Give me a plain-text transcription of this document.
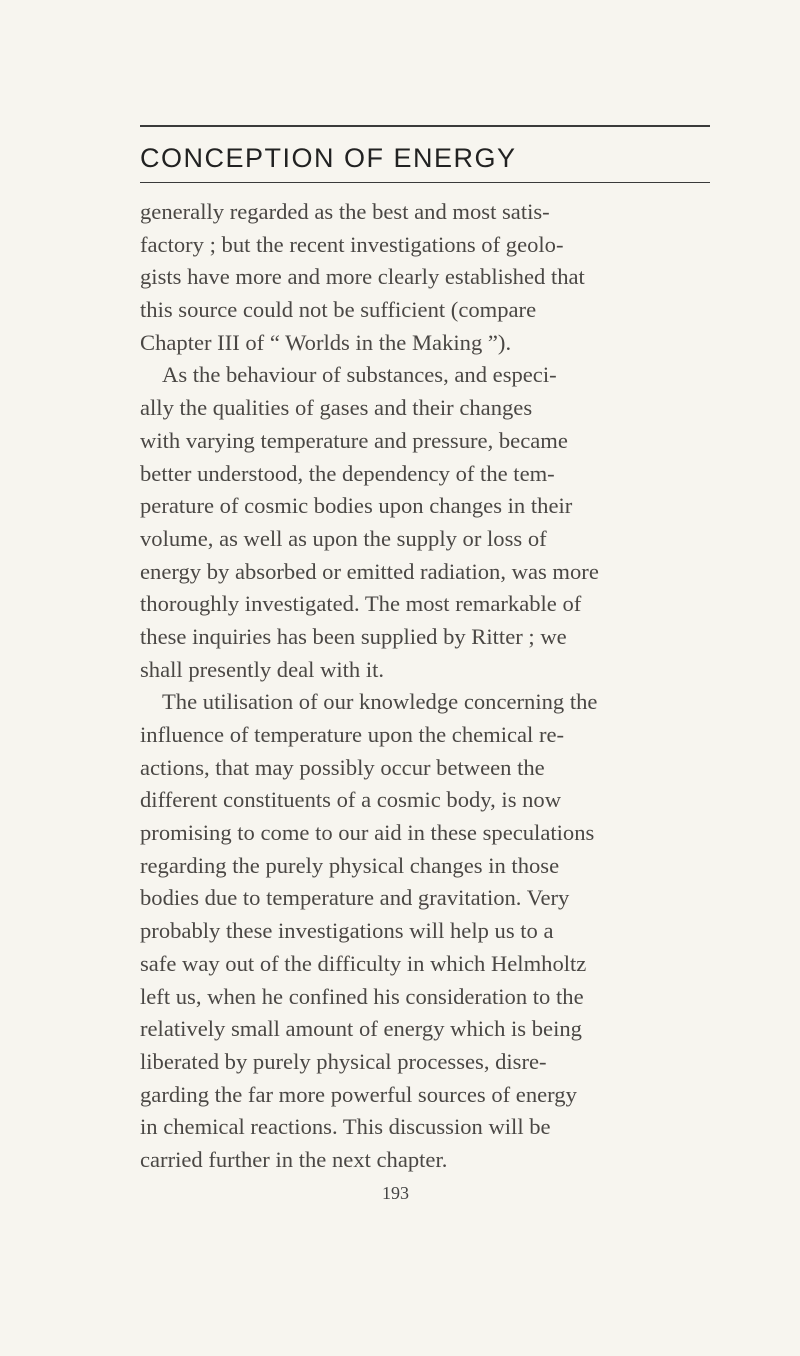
CONCEPTION OF ENERGY
generally regarded as the best and most satis-
factory ; but the recent investigations of geolo-
gists have more and more clearly established that
this source could not be sufficient (compare
Chapter III of “ Worlds in the Making ”).
As the behaviour of substances, and especi-
ally the qualities of gases and their changes
with varying temperature and pressure, became
better understood, the dependency of the tem-
perature of cosmic bodies upon changes in their
volume, as well as upon the supply or loss of
energy by absorbed or emitted radiation, was more
thoroughly investigated. The most remarkable of
these inquiries has been supplied by Ritter ; we
shall presently deal with it.
The utilisation of our knowledge concerning the
influence of temperature upon the chemical re-
actions, that may possibly occur between the
different constituents of a cosmic body, is now
promising to come to our aid in these speculations
regarding the purely physical changes in those
bodies due to temperature and gravitation. Very
probably these investigations will help us to a
safe way out of the difficulty in which Helmholtz
left us, when he confined his consideration to the
relatively small amount of energy which is being
liberated by purely physical processes, disre-
garding the far more powerful sources of energy
in chemical reactions. This discussion will be
carried further in the next chapter.
193
